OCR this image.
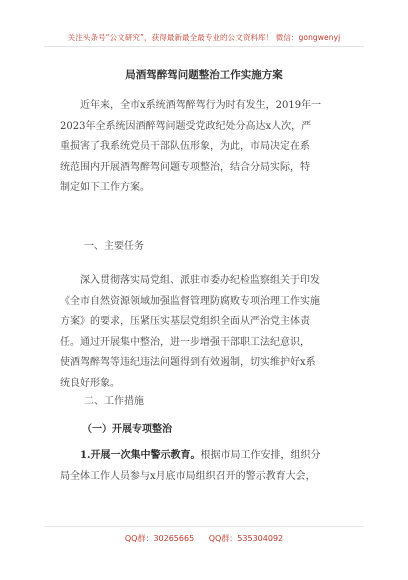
关注头条号“公文研究”，获得最新最全最专业的公文资料库！ 微信：gongwenyj
局酒驾醉驾问题整治工作实施方案
近年来，全市x系统酒驾醉驾行为时有发生，2019年一
2023年全系统因酒醉驾问题受党政纪处分高达x人次，严
重损害了我系统党员干部队伍形象，为此，市局决定在系
统范围内开展酒驾醉驾问题专项整治，结合分局实际，特
制定如下工作方案。
一、主要任务
深入贯彻落实局党组、派驻市委办纪检监察组关于印发
《全市自然资源领域加强监督管理防腐败专项治理工作实施
方案》的要求，压紧压实基层党组织全面从严治党主体责
任。通过开展集中整治，进一步增强干部职工法纪意识，
使酒驾醉驾等违纪违法问题得到有效遏制，切实维护好x系
统良好形象。
二、工作措施
（一）开展专项整治
1.开展一次集中警示教育。根据市局工作安排，组织分
局全体工作人员参与x月底市局组织召开的警示教育大会，
QQ群：30265665 QQ群：535304092
